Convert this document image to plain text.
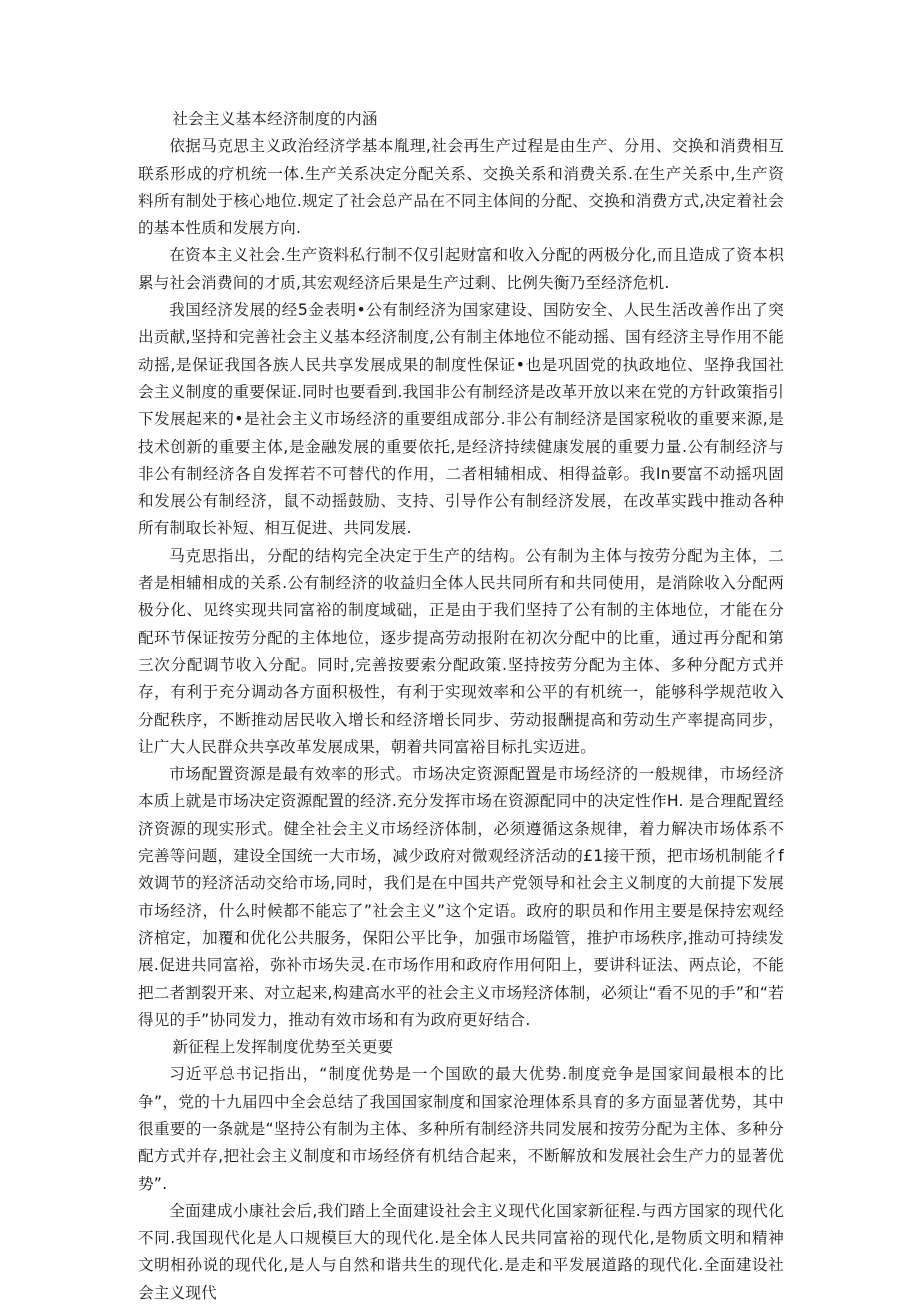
社会主义基本经济制度的内涵

依据马克思主义政治经济学基本胤理,社会再生产过程是由生产、分用、交换和消费相互联系形成的疗机统一体.生产关系决定分配关系、交换关系和消费关系.在生产关系中,生产资料所有制处于核心地位.规定了社会总产品在不同主体间的分配、交换和消费方式,决定着社会的基本性质和发展方向.

在资本主义社会.生产资料私行制不仅引起财富和收入分配的两极分化,而且造成了资本枳累与社会消费间的才质,其宏观经济后果是生产过剩、比例失衡乃至经济危机.

我国经济发展的经5金表明•公有制经济为国家建设、国防安全、人民生活改善作出了突出贡献,坚持和完善社会主义基本经济制度,公有制主体地位不能动摇、国有经济主导作用不能动摇,是保证我国各族人民共享发展成果的制度性保证•也是巩固党的执政地位、坚挣我国社会主义制度的重要保证.同时也要看到.我国非公有制经济是改革开放以来在党的方针政策指引下发展起来的•是社会主义市场经济的重要组成部分.非公有制经济是国家税收的重要来源,是技术创新的重要主体,是金融发展的重要依托,是经济持续健康发展的重要力量.公有制经济与非公有制经济各自发挥若不可替代的作用，二者相辅相成、相得益彰。我In要富不动摇巩固和发展公有制经济，鼠不动摇鼓励、支持、引导作公有制经济发展，在改革实践中推动各种所有制取长补短、相互促进、共同发展.

马克思指出，分配的结构完全决定于生产的结构。公有制为主体与按劳分配为主体，二者是相辅相成的关系.公有制经济的收益归全体人民共同所有和共同使用，是消除收入分配两极分化、见终实现共同富裕的制度域础，正是由于我们坚持了公有制的主体地位，才能在分配环节保证按劳分配的主体地位，逐步提高劳动报附在初次分配中的比重，通过再分配和第三次分配调节收入分配。同时,完善按要索分配政策.坚持按劳分配为主体、多种分配方式并存，有利于充分调动各方面积极性，有利于实现效率和公平的有机统一，能够科学规范收入分配秩序，不断推动居民收入增长和经济增长同步、劳动报酬提高和劳动生产率提高同步，让广大人民群众共享改革发展成果，朝着共同富裕目标扎实迈进。

市场配置资源是最有效率的形式。市场决定资源配置是市场经济的一般规律，市场经济本质上就是市场决定资源配置的经济.充分发挥市场在资源配同中的决定性作H. 是合理配置经济资源的现实形式。健全社会主义市场经济体制，必须遵循这条规律，着力解决市场体系不完善等问题，建设全国统一大市场，减少政府对微观经济活动的£1接干预，把市场机制能彳f效调节的羟济活动交给市场,同时，我们是在中国共产党领导和社会主义制度的大前提下发展市场经济，什么时候都不能忘了”社会主义”这个定语。政府的职员和作用主要是保持宏观经济棺定，加覆和优化公共服务，保阳公平比争，加强市场隘管，推护市场秩序,推动可持续发展.促进共同富裕，弥补市场失灵.在市场作用和政府作用何阳上，要讲科证法、两点论，不能把二者割裂开来、对立起来,构建高水平的社会主义市场羟济体制，必须让“看不见的手”和“若得见的手”协同发力，推动有效市场和有为政府更好结合.

新征程上发挥制度优势至关更要

习近平总书记指出，“制度优势是一个国欧的最大优势.制度竞争是国家间最根本的比争”，党的十九届四中全会总结了我国国家制度和国家沧理体系具育的多方面显著优势，其中很重要的一条就是“坚持公有制为主体、多种所有制经济共同发展和按劳分配为主体、多种分配方式并存,把社会主义制度和市场经侪有机结合起来，不断解放和发展社会生产力的显著优势”.

全面建成小康社会后,我们踏上全面建设社会主义现代化国家新征程.与西方国家的现代化不同.我国现代化是人口规模巨大的现代化.是全体人民共同富裕的现代化,是物质文明和精神文明相孙说的现代化,是人与自然和谐共生的现代化.是走和平发展道路的现代化.全面建设社会主义现代
